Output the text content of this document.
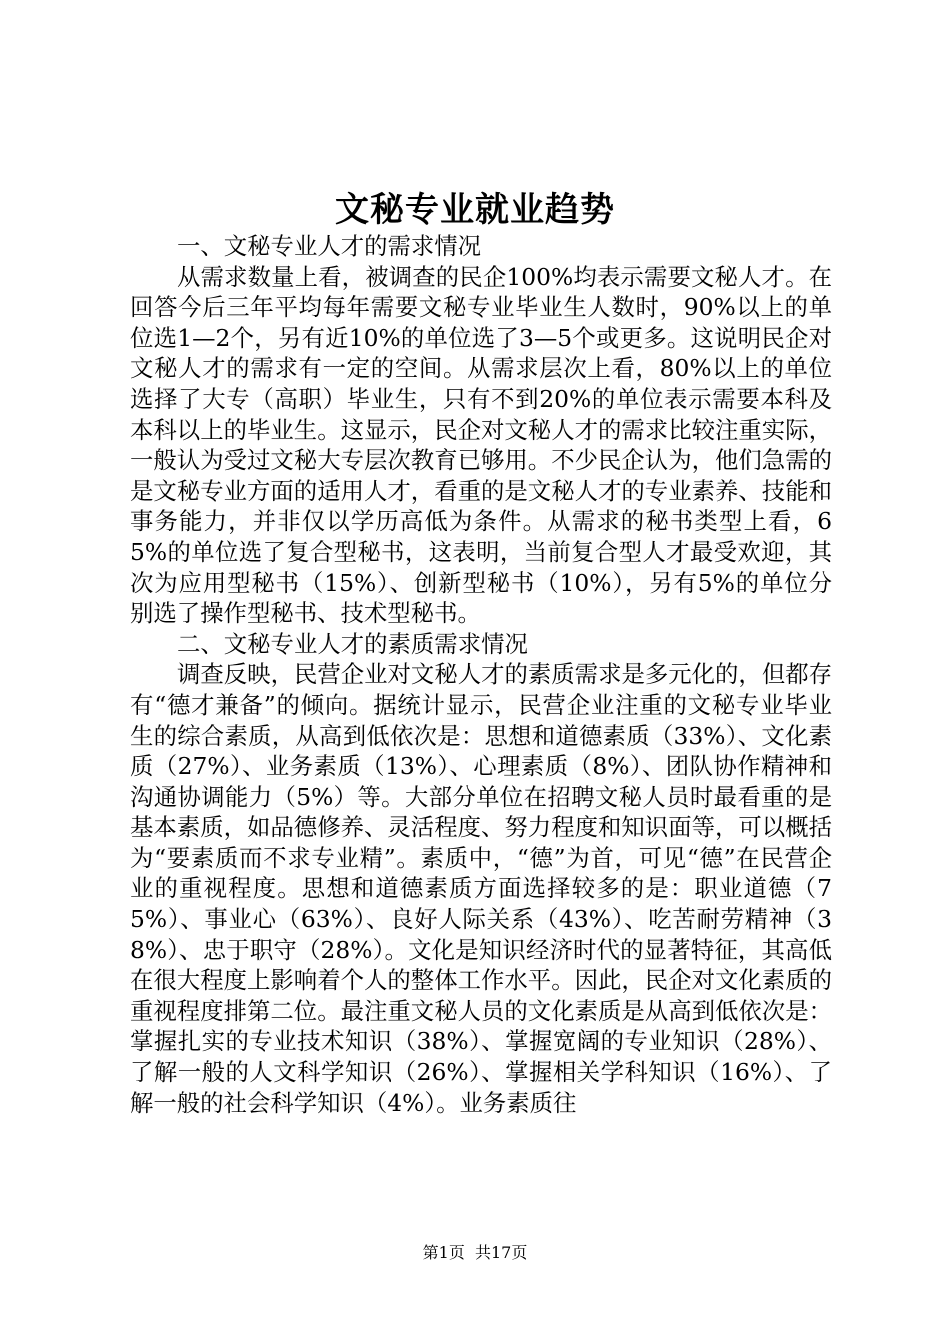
文秘专业就业趋势

一、文秘专业人才的需求情况

从需求数量上看，被调查的民企100%均表示需要文秘人才。在回答今后三年平均每年需要文秘专业毕业生人数时，90%以上的单位选1—2个，另有近10%的单位选了3—5个或更多。这说明民企对文秘人才的需求有一定的空间。从需求层次上看，80%以上的单位选择了大专（高职）毕业生，只有不到20%的单位表示需要本科及本科以上的毕业生。这显示，民企对文秘人才的需求比较注重实际，一般认为受过文秘大专层次教育已够用。不少民企认为，他们急需的是文秘专业方面的适用人才，看重的是文秘人才的专业素养、技能和事务能力，并非仅以学历高低为条件。从需求的秘书类型上看，65%的单位选了复合型秘书，这表明，当前复合型人才最受欢迎，其次为应用型秘书（15%）、创新型秘书（10%），另有5%的单位分别选了操作型秘书、技术型秘书。

二、文秘专业人才的素质需求情况

调查反映，民营企业对文秘人才的素质需求是多元化的，但都存有“德才兼备”的倾向。据统计显示，民营企业注重的文秘专业毕业生的综合素质，从高到低依次是：思想和道德素质（33%）、文化素质（27%）、业务素质（13%）、心理素质（8%）、团队协作精神和沟通协调能力（5%）等。大部分单位在招聘文秘人员时最看重的是基本素质，如品德修养、灵活程度、努力程度和知识面等，可以概括为“要素质而不求专业精”。素质中，“德”为首，可见“德”在民营企业的重视程度。思想和道德素质方面选择较多的是：职业道德（75%）、事业心（63%）、良好人际关系（43%）、吃苦耐劳精神（38%）、忠于职守（28%）。文化是知识经济时代的显著特征，其高低在很大程度上影响着个人的整体工作水平。因此，民企对文化素质的重视程度排第二位。最注重文秘人员的文化素质是从高到低依次是：掌握扎实的专业技术知识（38%）、掌握宽阔的专业知识（28%）、了解一般的人文科学知识（26%）、掌握相关学科知识（16%）、了解一般的社会科学知识（4%）。业务素质往

第1页  共17页
